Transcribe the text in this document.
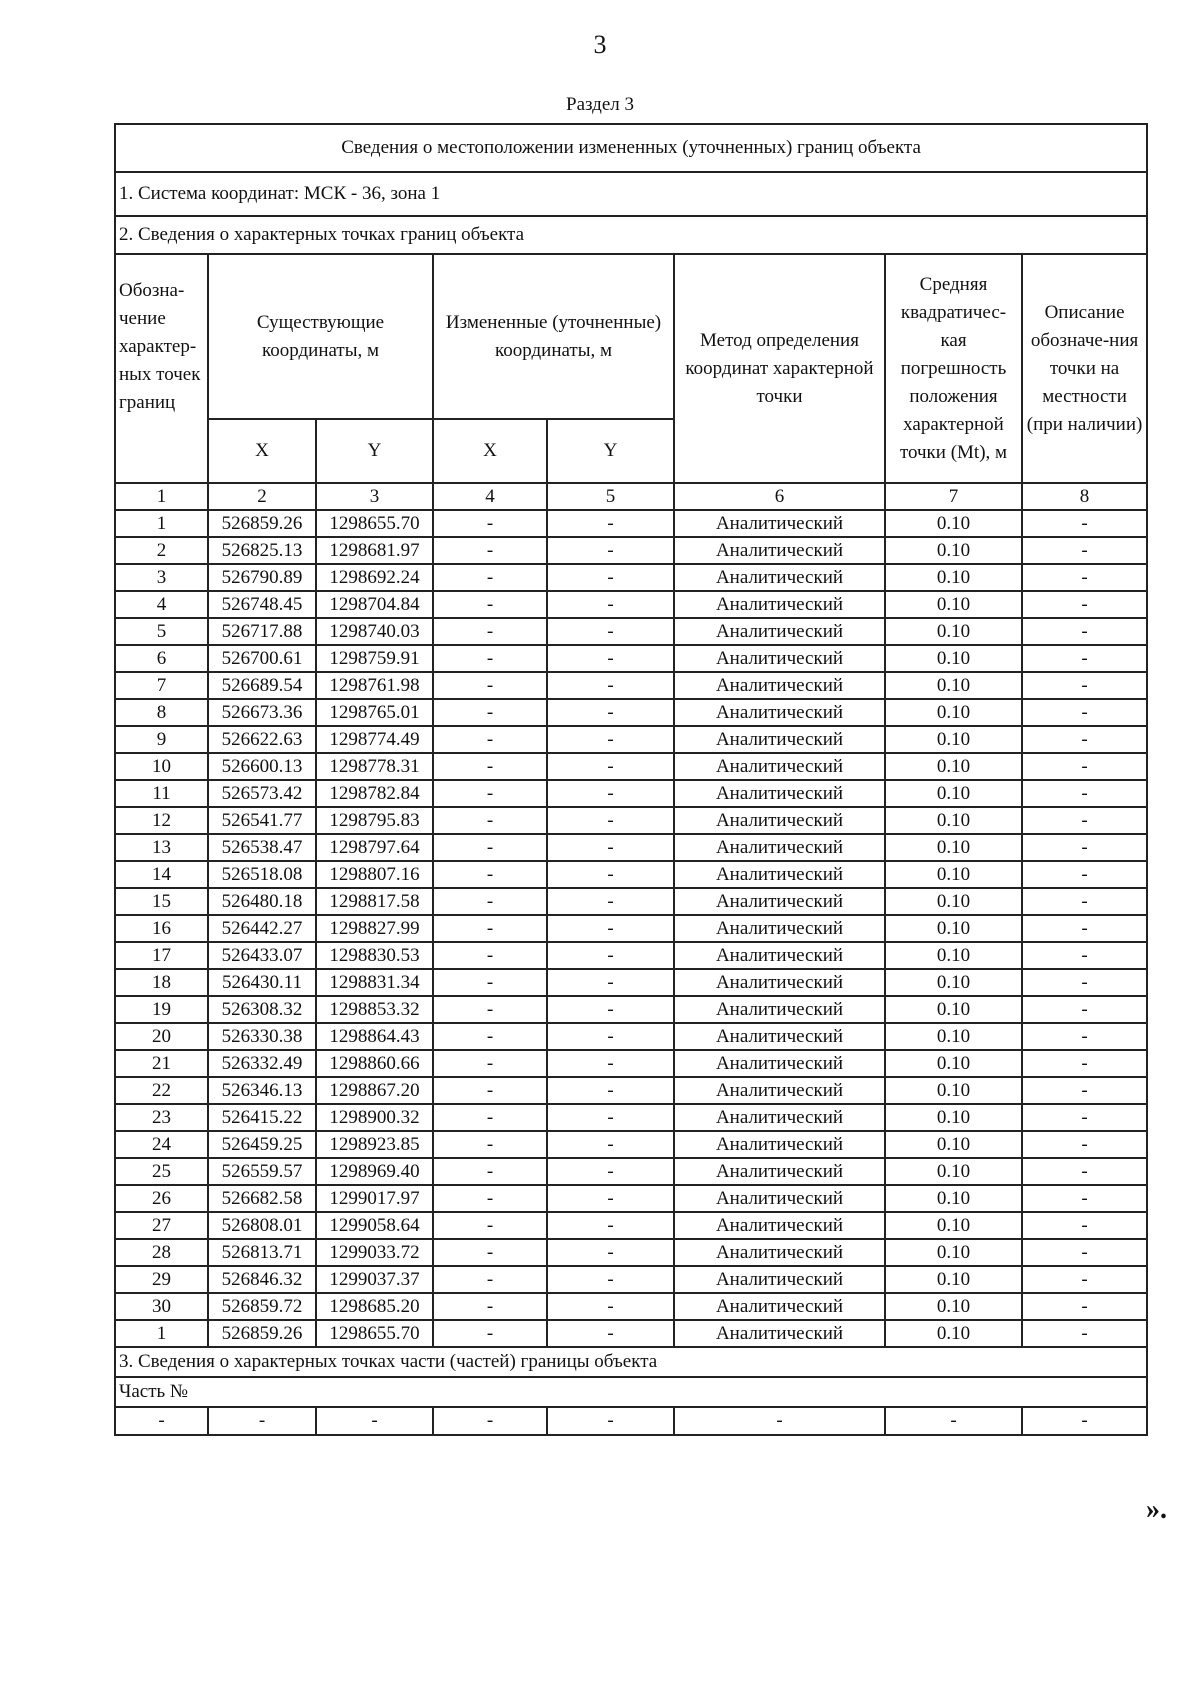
3
Раздел 3
Сведения о местоположении измененных (уточненных) границ объекта							
1. Система координат: МСК - 36, зона 1							
2. Сведения о характерных точках границ объекта							
Обозна-чение характер-ных точек границ	Существующие координаты, м		Измененные (уточненные) координаты, м		Метод определения координат характерной точки	Средняя квадратичес-кая погрешность положения характерной точки (Mt), м	Описание обозначе-ния точки на местности (при наличии)
	X	Y	X	Y			
1	2	3	4	5	6	7	8
1	526859.26	1298655.70	-	-	Аналитический	0.10	-
2	526825.13	1298681.97	-	-	Аналитический	0.10	-
3	526790.89	1298692.24	-	-	Аналитический	0.10	-
4	526748.45	1298704.84	-	-	Аналитический	0.10	-
5	526717.88	1298740.03	-	-	Аналитический	0.10	-
6	526700.61	1298759.91	-	-	Аналитический	0.10	-
7	526689.54	1298761.98	-	-	Аналитический	0.10	-
8	526673.36	1298765.01	-	-	Аналитический	0.10	-
9	526622.63	1298774.49	-	-	Аналитический	0.10	-
10	526600.13	1298778.31	-	-	Аналитический	0.10	-
11	526573.42	1298782.84	-	-	Аналитический	0.10	-
12	526541.77	1298795.83	-	-	Аналитический	0.10	-
13	526538.47	1298797.64	-	-	Аналитический	0.10	-
14	526518.08	1298807.16	-	-	Аналитический	0.10	-
15	526480.18	1298817.58	-	-	Аналитический	0.10	-
16	526442.27	1298827.99	-	-	Аналитический	0.10	-
17	526433.07	1298830.53	-	-	Аналитический	0.10	-
18	526430.11	1298831.34	-	-	Аналитический	0.10	-
19	526308.32	1298853.32	-	-	Аналитический	0.10	-
20	526330.38	1298864.43	-	-	Аналитический	0.10	-
21	526332.49	1298860.66	-	-	Аналитический	0.10	-
22	526346.13	1298867.20	-	-	Аналитический	0.10	-
23	526415.22	1298900.32	-	-	Аналитический	0.10	-
24	526459.25	1298923.85	-	-	Аналитический	0.10	-
25	526559.57	1298969.40	-	-	Аналитический	0.10	-
26	526682.58	1299017.97	-	-	Аналитический	0.10	-
27	526808.01	1299058.64	-	-	Аналитический	0.10	-
28	526813.71	1299033.72	-	-	Аналитический	0.10	-
29	526846.32	1299037.37	-	-	Аналитический	0.10	-
30	526859.72	1298685.20	-	-	Аналитический	0.10	-
1	526859.26	1298655.70	-	-	Аналитический	0.10	-
3. Сведения о характерных точках части (частей) границы объекта							
Часть №							
-	-	-	-	-	-	-	-
».
